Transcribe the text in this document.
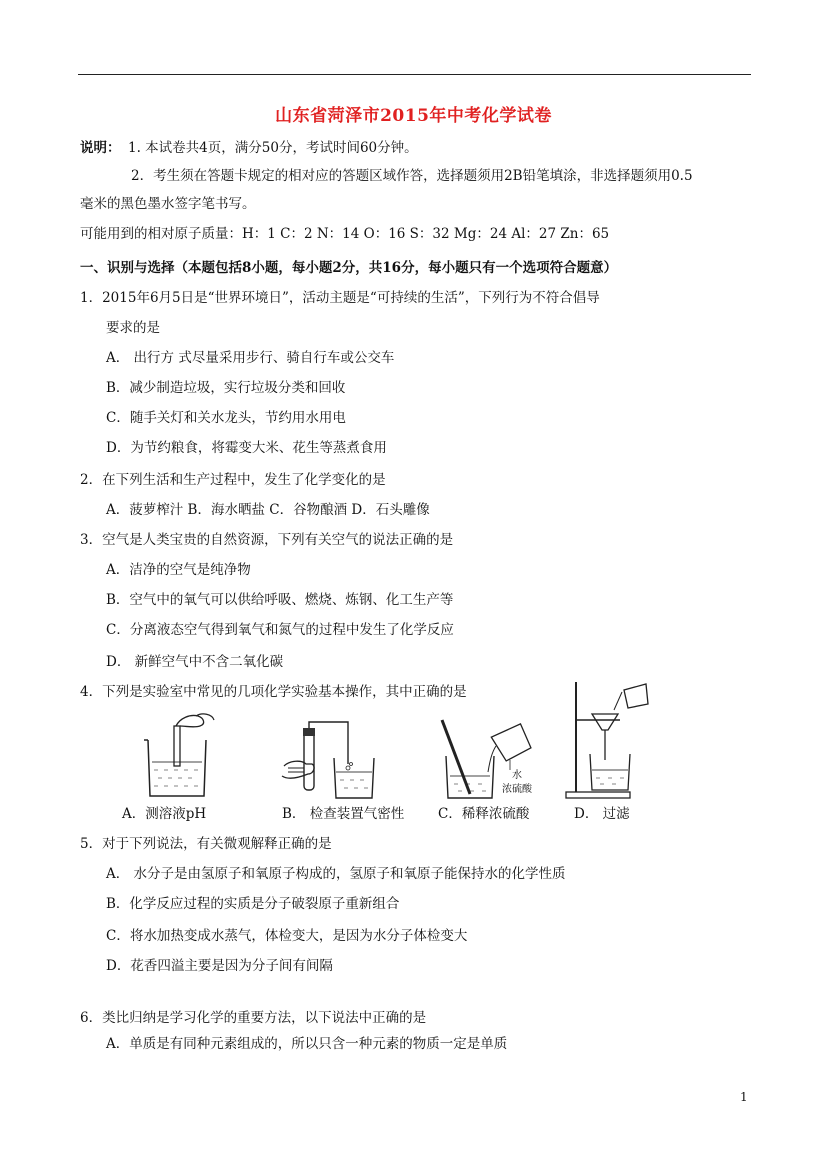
山东省菏泽市2015年中考化学试卷
说明： 1. 本试卷共4页，满分50分，考试时间60分钟。
2．考生须在答题卡规定的相对应的答题区域作答，选择题须用2B铅笔填涂，非选择题须用0.5
毫米的黑色墨水签字笔书写。
可能用到的相对原子质量：H：1 C：2 N：14 O：16 S：32 Mg：24 Al：27 Zn：65
一、识别与选择（本题包括8小题，每小题2分，共16分，每小题只有一个选项符合题意）
1．2015年6月5日是“世界环境日”，活动主题是“可持续的生活”，下列行为不符合倡导
要求的是
A． 出行方 式尽量采用步行、骑自行车或公交车
B．减少制造垃圾，实行垃圾分类和回收
C．随手关灯和关水龙头，节约用水用电
D．为节约粮食，将霉变大米、花生等蒸煮食用
2．在下列生活和生产过程中，发生了化学变化的是
A．菠萝榨汁 B．海水晒盐 C．谷物酿酒 D．石头雕像
3．空气是人类宝贵的自然资源，下列有关空气的说法正确的是
A．洁净的空气是纯净物
B．空气中的氧气可以供给呼吸、燃烧、炼钢、化工生产等
C．分离液态空气得到氧气和氮气的过程中发生了化学反应
D． 新鲜空气中不含二氧化碳
4．下列是实验室中常见的几项化学实验基本操作，其中正确的是
A．测溶液pH	B． 检查装置气密性
水
浓硫酸
C．稀释浓硫酸	D． 过滤
5．对于下列说法，有关微观解释正确的是
A． 水分子是由氢原子和氧原子构成的，氢原子和氧原子能保持水的化学性质
B．化学反应过程的实质是分子破裂原子重新组合
C．将水加热变成水蒸气，体检变大，是因为水分子体检变大
D．花香四溢主要是因为分子间有间隔
6．类比归纳是学习化学的重要方法，以下说法中正确的是
A．单质是有同种元素组成的，所以只含一种元素的物质一定是单质
1
